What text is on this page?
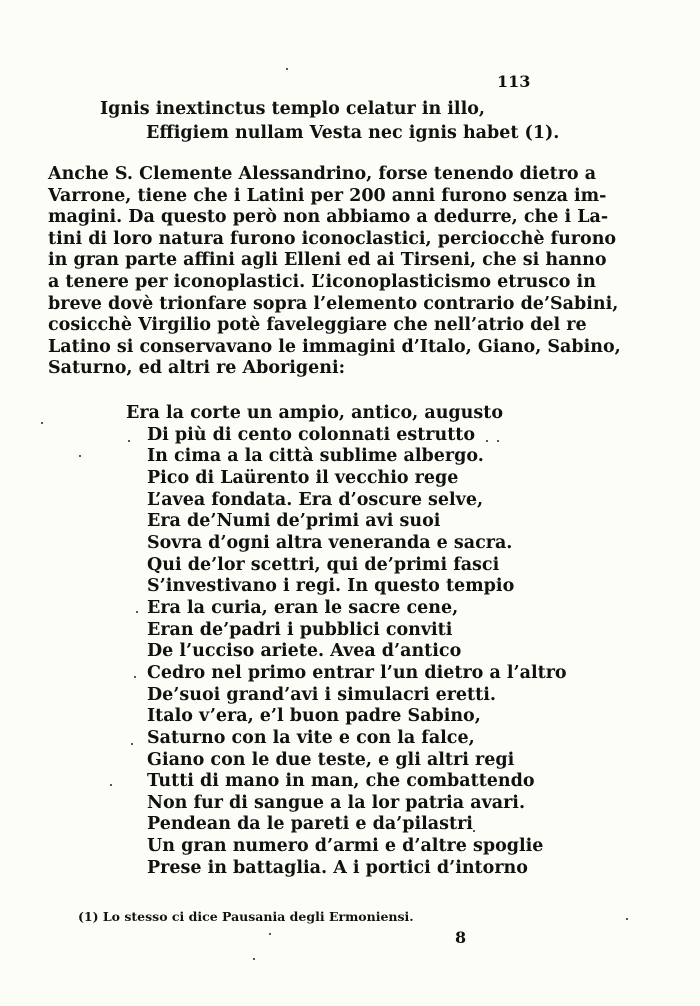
113
Ignis inextinctus templo celatur in illo,
Effigiem nullam Vesta nec ignis habet (1).
Anche S. Clemente Alessandrino, forse tenendo dietro a
Varrone, tiene che i Latini per 200 anni furono senza im-
magini. Da questo però non abbiamo a dedurre, che i La-
tini di loro natura furono iconoclastici, perciocchè furono
in gran parte affini agli Elleni ed ai Tirseni, che si hanno
a tenere per iconoplastici. L’iconoplasticismo etrusco in
breve dovè trionfare sopra l’elemento contrario de’Sabini,
cosicchè Virgilio potè faveleggiare che nell’atrio del re
Latino si conservavano le immagini d’Italo, Giano, Sabino,
Saturno, ed altri re Aborigeni:
Era la corte un ampio, antico, augusto
Di più di cento colonnati estrutto
In cima a la città sublime albergo.
Pico di Laürento il vecchio rege
L’avea fondata. Era d’oscure selve,
Era de’Numi de’primi avi suoi
Sovra d’ogni altra veneranda e sacra.
Qui de’lor scettri, qui de’primi fasci
S’investivano i regi. In questo tempio
Era la curia, eran le sacre cene,
Eran de’padri i pubblici conviti
De l’ucciso ariete. Avea d’antico
Cedro nel primo entrar l’un dietro a l’altro
De’suoi grand’avi i simulacri eretti.
Italo v’era, e’l buon padre Sabino,
Saturno con la vite e con la falce,
Giano con le due teste, e gli altri regi
Tutti di mano in man, che combattendo
Non fur di sangue a la lor patria avari.
Pendean da le pareti e da’pilastri
Un gran numero d’armi e d’altre spoglie
Prese in battaglia. A i portici d’intorno
(1) Lo stesso ci dice Pausania degli Ermoniensi.
8
